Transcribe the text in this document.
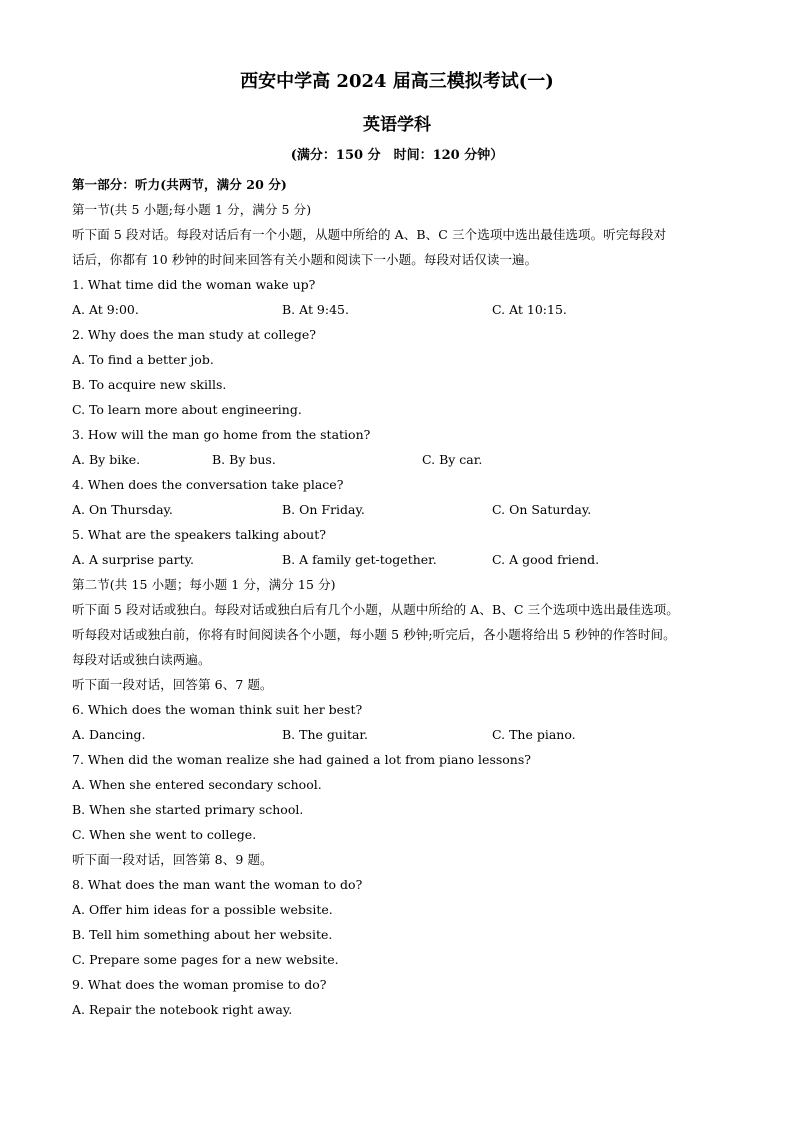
西安中学高 2024 届高三模拟考试(一)
英语学科
(满分：150 分　时间：120 分钟）
第一部分：听力(共两节，满分 20 分)
第一节(共 5 小题;每小题 1 分，满分 5 分)
听下面 5 段对话。每段对话后有一个小题，从题中所给的 A、B、C 三个选项中选出最佳选项。听完每段对
话后，你都有 10 秒钟的时间来回答有关小题和阅读下一小题。每段对话仅读一遍。
1. What time did the woman wake up?
A. At 9:00.	B. At 9:45.	C. At 10:15.
2. Why does the man study at college?
A. To find a better job.
B. To acquire new skills.
C. To learn more about engineering.
3. How will the man go home from the station?
A. By bike.	B. By bus.	C. By car.
4. When does the conversation take place?
A. On Thursday.	B. On Friday.	C. On Saturday.
5. What are the speakers talking about?
A. A surprise party.	B. A family get-together.	C. A good friend.
第二节(共 15 小题；每小题 1 分，满分 15 分)
听下面 5 段对话或独白。每段对话或独白后有几个小题，从题中所给的 A、B、C 三个选项中选出最佳选项。
听每段对话或独白前，你将有时间阅读各个小题，每小题 5 秒钟;听完后，各小题将给出 5 秒钟的作答时间。
每段对话或独白读两遍。
听下面一段对话，回答第 6、7 题。
6. Which does the woman think suit her best?
A. Dancing.	B. The guitar.	C. The piano.
7. When did the woman realize she had gained a lot from piano lessons?
A. When she entered secondary school.
B. When she started primary school.
C. When she went to college.
听下面一段对话，回答第 8、9 题。
8. What does the man want the woman to do?
A. Offer him ideas for a possible website.
B. Tell him something about her website.
C. Prepare some pages for a new website.
9. What does the woman promise to do?
A. Repair the notebook right away.
